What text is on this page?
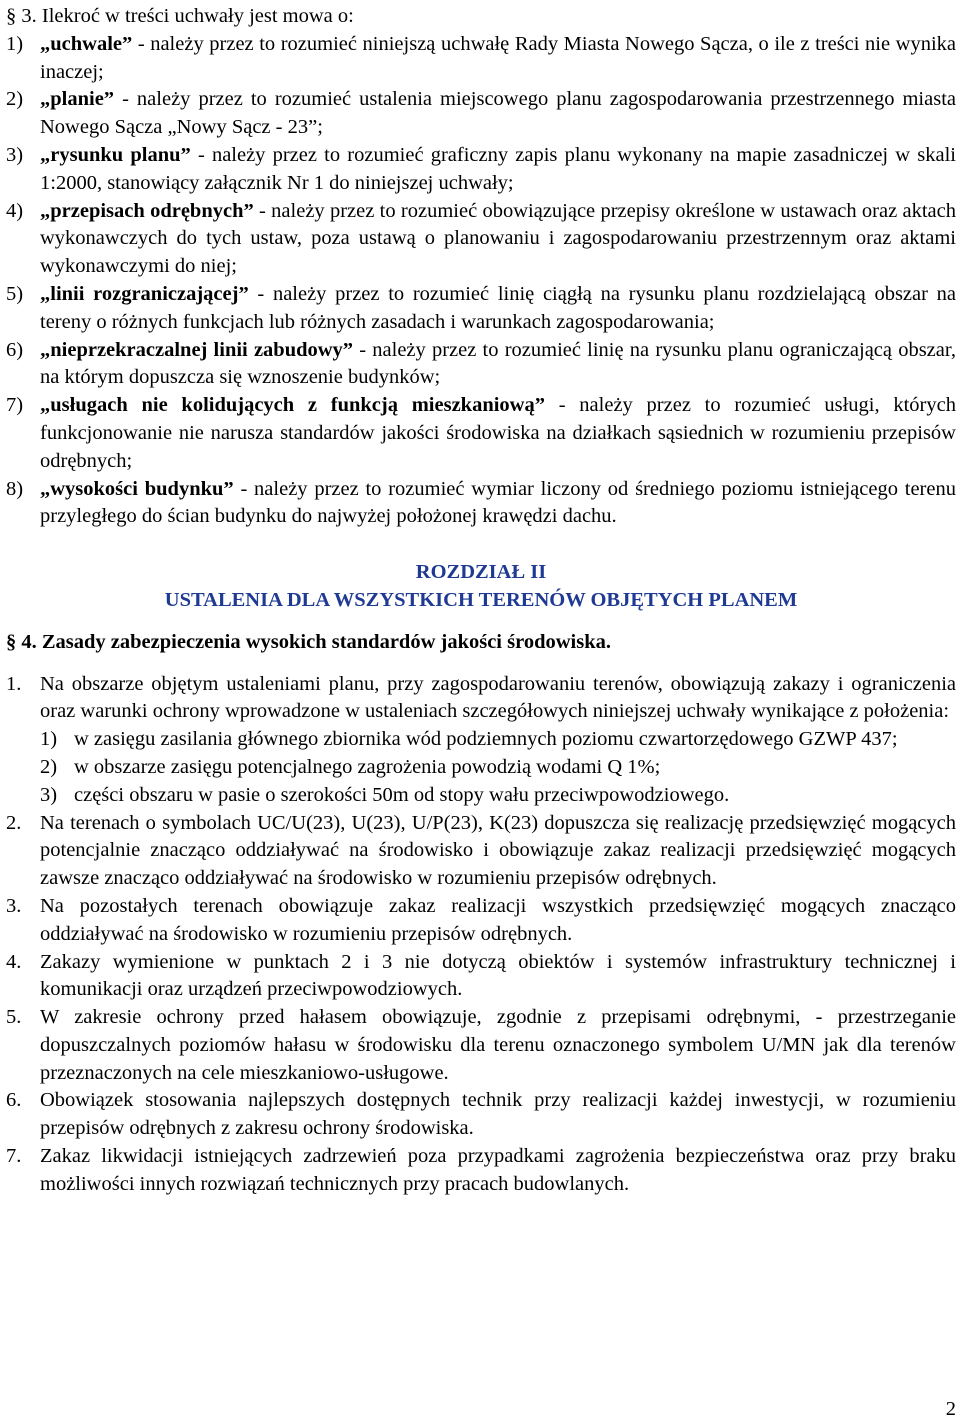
§ 3. Ilekroć w treści uchwały jest mowa o:
1) „uchwale” - należy przez to rozumieć niniejszą uchwałę Rady Miasta Nowego Sącza, o ile z treści nie wynika inaczej;
2) „planie” - należy przez to rozumieć ustalenia miejscowego planu zagospodarowania przestrzennego miasta Nowego Sącza „Nowy Sącz - 23”;
3) „rysunku planu” - należy przez to rozumieć graficzny zapis planu wykonany na mapie zasadniczej w skali 1:2000, stanowiący załącznik Nr 1 do niniejszej uchwały;
4) „przepisach odrębnych” - należy przez to rozumieć obowiązujące przepisy określone w ustawach oraz aktach wykonawczych do tych ustaw, poza ustawą o planowaniu i zagospodarowaniu przestrzennym oraz aktami wykonawczymi do niej;
5) „linii rozgraniczającej” - należy przez to rozumieć linię ciągłą na rysunku planu rozdzielającą obszar na tereny o różnych funkcjach lub różnych zasadach i warunkach zagospodarowania;
6) „nieprzekraczalnej linii zabudowy” - należy przez to rozumieć linię na rysunku planu ograniczającą obszar, na którym dopuszcza się wznoszenie budynków;
7) „usługach nie kolidujących z funkcją mieszkaniową” - należy przez to rozumieć usługi, których funkcjonowanie nie narusza standardów jakości środowiska na działkach sąsiednich w rozumieniu przepisów odrębnych;
8) „wysokości budynku” - należy przez to rozumieć wymiar liczony od średniego poziomu istniejącego terenu przyległego do ścian budynku do najwyżej położonej krawędzi dachu.
ROZDZIAŁ II
USTALENIA DLA WSZYSTKICH TERENÓW OBJĘTYCH PLANEM
§ 4. Zasady zabezpieczenia wysokich standardów jakości środowiska.
1. Na obszarze objętym ustaleniami planu, przy zagospodarowaniu terenów, obowiązują zakazy i ograniczenia oraz warunki ochrony wprowadzone w ustaleniach szczegółowych niniejszej uchwały wynikające z położenia:
1) w zasięgu zasilania głównego zbiornika wód podziemnych poziomu czwartorzędowego GZWP 437;
2) w obszarze zasięgu potencjalnego zagrożenia powodzią wodami Q 1%;
3) części obszaru w pasie o szerokości 50m od stopy wału przeciwpowodziowego.
2. Na terenach o symbolach UC/U(23), U(23), U/P(23), K(23) dopuszcza się realizację przedsięwzięć mogących potencjalnie znacząco oddziaływać na środowisko i obowiązuje zakaz realizacji przedsięwzięć mogących zawsze znacząco oddziaływać na środowisko w rozumieniu przepisów odrębnych.
3. Na pozostałych terenach obowiązuje zakaz realizacji wszystkich przedsięwzięć mogących znacząco oddziaływać na środowisko w rozumieniu przepisów odrębnych.
4. Zakazy wymienione w punktach 2 i 3 nie dotyczą obiektów i systemów infrastruktury technicznej i komunikacji oraz urządzeń przeciwpowodziowych.
5. W zakresie ochrony przed hałasem obowiązuje, zgodnie z przepisami odrębnymi, - przestrzeganie dopuszczalnych poziomów hałasu w środowisku dla terenu oznaczonego symbolem U/MN jak dla terenów przeznaczonych na cele mieszkaniowo-usługowe.
6. Obowiązek stosowania najlepszych dostępnych technik przy realizacji każdej inwestycji, w rozumieniu przepisów odrębnych z zakresu ochrony środowiska.
7. Zakaz likwidacji istniejących zadrzewień poza przypadkami zagrożenia bezpieczeństwa oraz przy braku możliwości innych rozwiązań technicznych przy pracach budowlanych.
2
